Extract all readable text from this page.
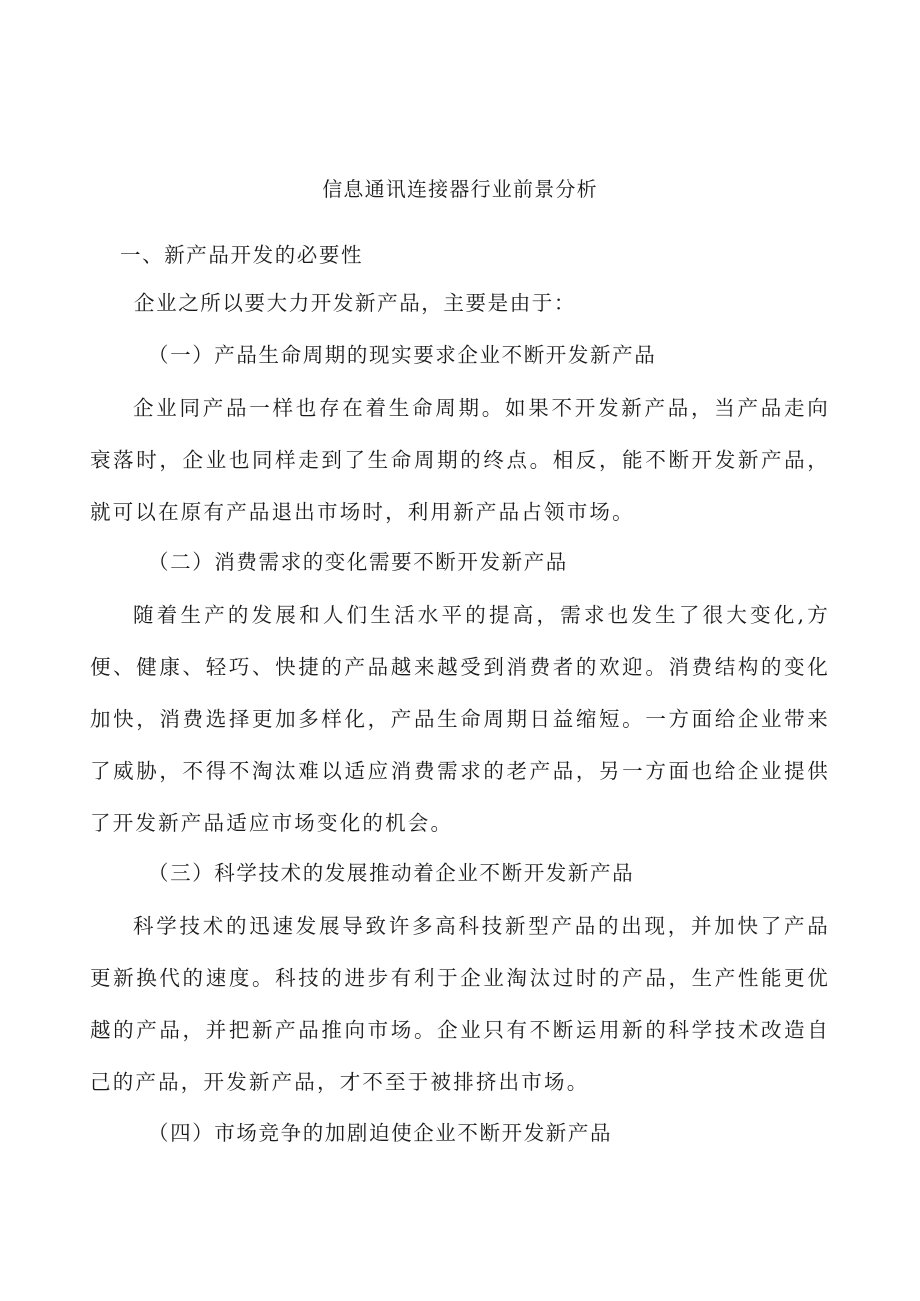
信息通讯连接器行业前景分析
一、新产品开发的必要性
企业之所以要大力开发新产品，主要是由于：
（一）产品生命周期的现实要求企业不断开发新产品

企业同产品一样也存在着生命周期。如果不开发新产品，当产品走向衰落时，企业也同样走到了生命周期的终点。相反，能不断开发新产品，就可以在原有产品退出市场时，利用新产品占领市场。

（二）消费需求的变化需要不断开发新产品

随着生产的发展和人们生活水平的提高，需求也发生了很大变化,方便、健康、轻巧、快捷的产品越来越受到消费者的欢迎。消费结构的变化加快，消费选择更加多样化，产品生命周期日益缩短。一方面给企业带来了威胁，不得不淘汰难以适应消费需求的老产品，另一方面也给企业提供了开发新产品适应市场变化的机会。

（三）科学技术的发展推动着企业不断开发新产品

科学技术的迅速发展导致许多高科技新型产品的出现，并加快了产品更新换代的速度。科技的进步有利于企业淘汰过时的产品，生产性能更优越的产品，并把新产品推向市场。企业只有不断运用新的科学技术改造自己的产品，开发新产品，才不至于被排挤出市场。

（四）市场竞争的加剧迫使企业不断开发新产品
